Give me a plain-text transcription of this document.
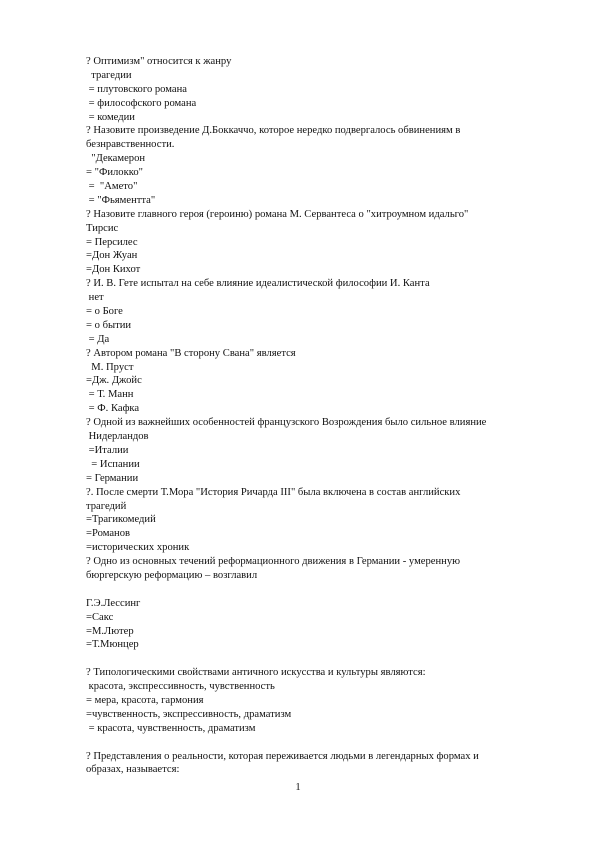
? Оптимизм" относится к жанру
трагедии
= плутовского романа
= философского романа
= комедии
? Назовите произведение Д.Боккаччо, которое нередко подвергалось обвинениям в
безнравственности.
"Декамерон
= "Филокко"
=  "Амето"
= "Фьяментта"
? Назовите главного героя (героиню) романа М. Сервантеса о "хитроумном идальго"
Тирсис
= Персилес
=Дон Жуан
=Дон Кихот
? И. В. Гете испытал на себе влияние идеалистической философии И. Канта
нет
= о Боге
= о бытии
= Да
? Автором романа "В сторону Свана" является
М. Пруст
=Дж. Джойс
= Т. Манн
= Ф. Кафка
? Одной из важнейших особенностей французского Возрождения было сильное влияние
Нидерландов
=Италии
= Испании
= Германии
?. После смерти Т.Мора "История Ричарда III" была включена в состав английских
трагедий
=Трагикомедий
=Романов
=исторических хроник
? Одно из основных течений реформационного движения в Германии - умеренную
бюргерскую реформацию – возглавил
Г.Э.Лессинг
=Сакс
=М.Лютер
=Т.Мюнцер
? Типологическими свойствами античного искусства и культуры являются:
красота, экспрессивность, чувственность
= мера, красота, гармония
=чувственность, экспрессивность, драматизм
= красота, чувственность, драматизм
? Представления о реальности, которая переживается людьми в легендарных формах и
образах, называется:
1
